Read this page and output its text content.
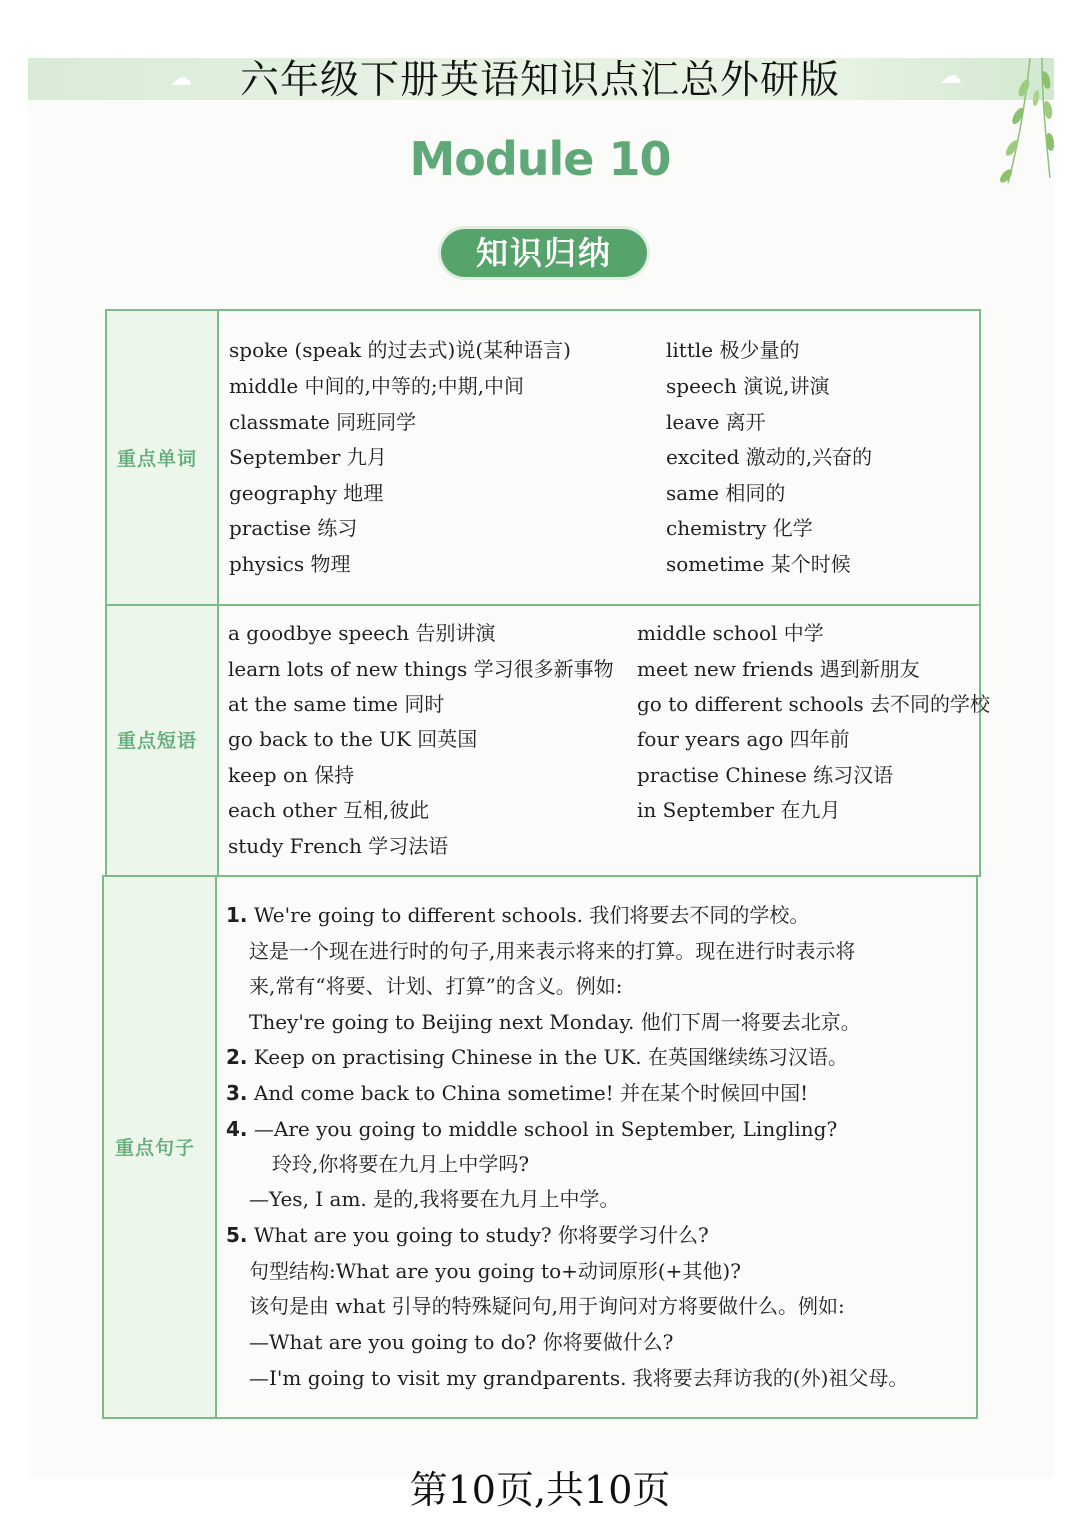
☁	☁
六年级下册英语知识点汇总外研版
Module 10
知识归纳
重点单词
spoke (speak 的过去式)说(某种语言)
middle 中间的,中等的;中期,中间
classmate 同班同学
September 九月
geography 地理
practise 练习
physics 物理
little 极少量的
speech 演说,讲演
leave 离开
excited 激动的,兴奋的
same 相同的
chemistry 化学
sometime 某个时候
重点短语
a goodbye speech 告别讲演
learn lots of new things 学习很多新事物
at the same time 同时
go back to the UK 回英国
keep on 保持
each other 互相,彼此
study French 学习法语
middle school 中学
meet new friends 遇到新朋友
go to different schools 去不同的学校
four years ago 四年前
practise Chinese 练习汉语
in September 在九月
重点句子
1. We're going to different schools. 我们将要去不同的学校。
这是一个现在进行时的句子,用来表示将来的打算。现在进行时表示将
来,常有“将要、计划、打算”的含义。例如:
They're going to Beijing next Monday. 他们下周一将要去北京。
2. Keep on practising Chinese in the UK. 在英国继续练习汉语。
3. And come back to China sometime! 并在某个时候回中国!
4. —Are you going to middle school in September, Lingling?
玲玲,你将要在九月上中学吗?
—Yes, I am. 是的,我将要在九月上中学。
5. What are you going to study? 你将要学习什么?
句型结构:What are you going to+动词原形(+其他)?
该句是由 what 引导的特殊疑问句,用于询问对方将要做什么。例如:
—What are you going to do? 你将要做什么?
—I'm going to visit my grandparents. 我将要去拜访我的(外)祖父母。
第10页,共10页
